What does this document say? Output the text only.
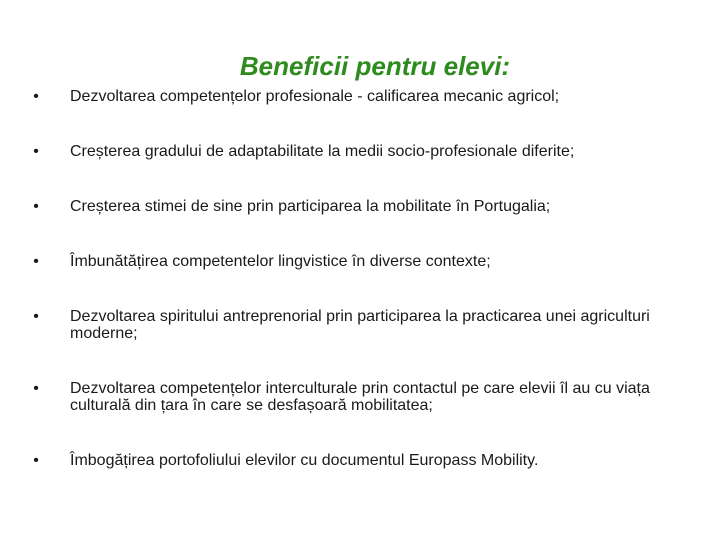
Beneficii pentru elevi:
• Dezvoltarea competențelor profesionale - calificarea mecanic agricol;
• Creșterea gradului de adaptabilitate la medii socio-profesionale diferite;
• Creșterea stimei de sine prin participarea la mobilitate în Portugalia;
• Îmbunătățirea competentelor lingvistice în diverse contexte;
• Dezvoltarea spiritului antreprenorial prin participarea la practicarea unei agriculturi moderne;
• Dezvoltarea competențelor interculturale prin contactul pe care elevii îl au cu viața culturală din țara în care se desfașoară mobilitatea;
• Îmbogățirea portofoliului elevilor cu documentul Europass Mobility.
